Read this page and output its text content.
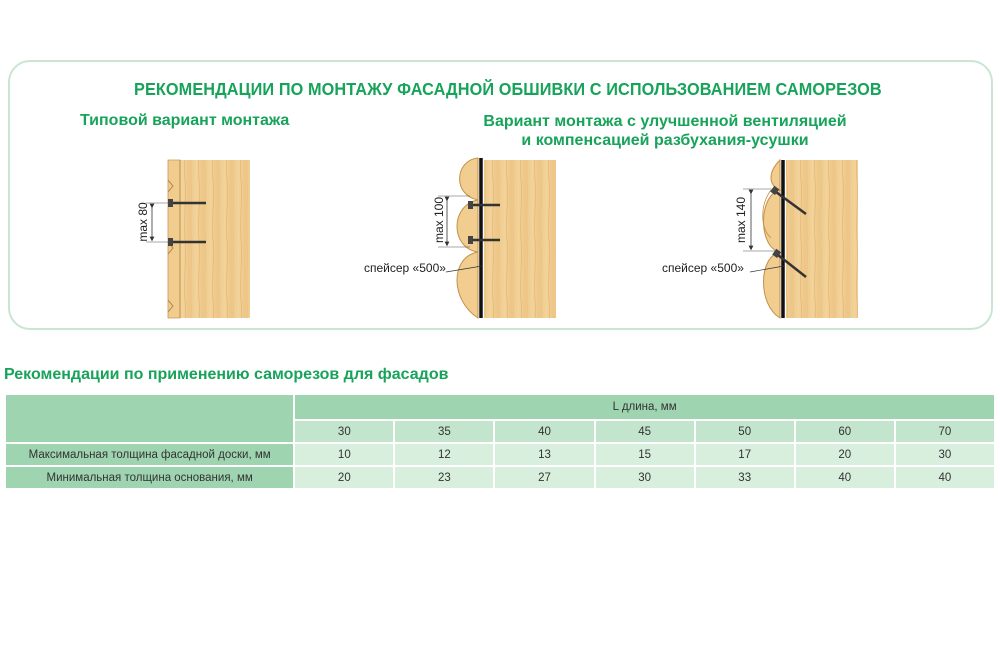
РЕКОМЕНДАЦИИ ПО МОНТАЖУ ФАСАДНОЙ ОБШИВКИ С ИСПОЛЬЗОВАНИЕМ САМОРЕЗОВ
Типовой вариант монтажа	Вариант монтажа с улучшенной вентиляцией
и компенсацией разбухания-усушки
max 80	max 100
спейсер «500»
max 140
спейсер «500»
Рекомендации по применению саморезов для фасадов
	L длина, мм						
	30	35	40	45	50	60	70
Максимальная толщина фасадной доски, мм	10	12	13	15	17	20	30
Минимальная толщина основания, мм	20	23	27	30	33	40	40
